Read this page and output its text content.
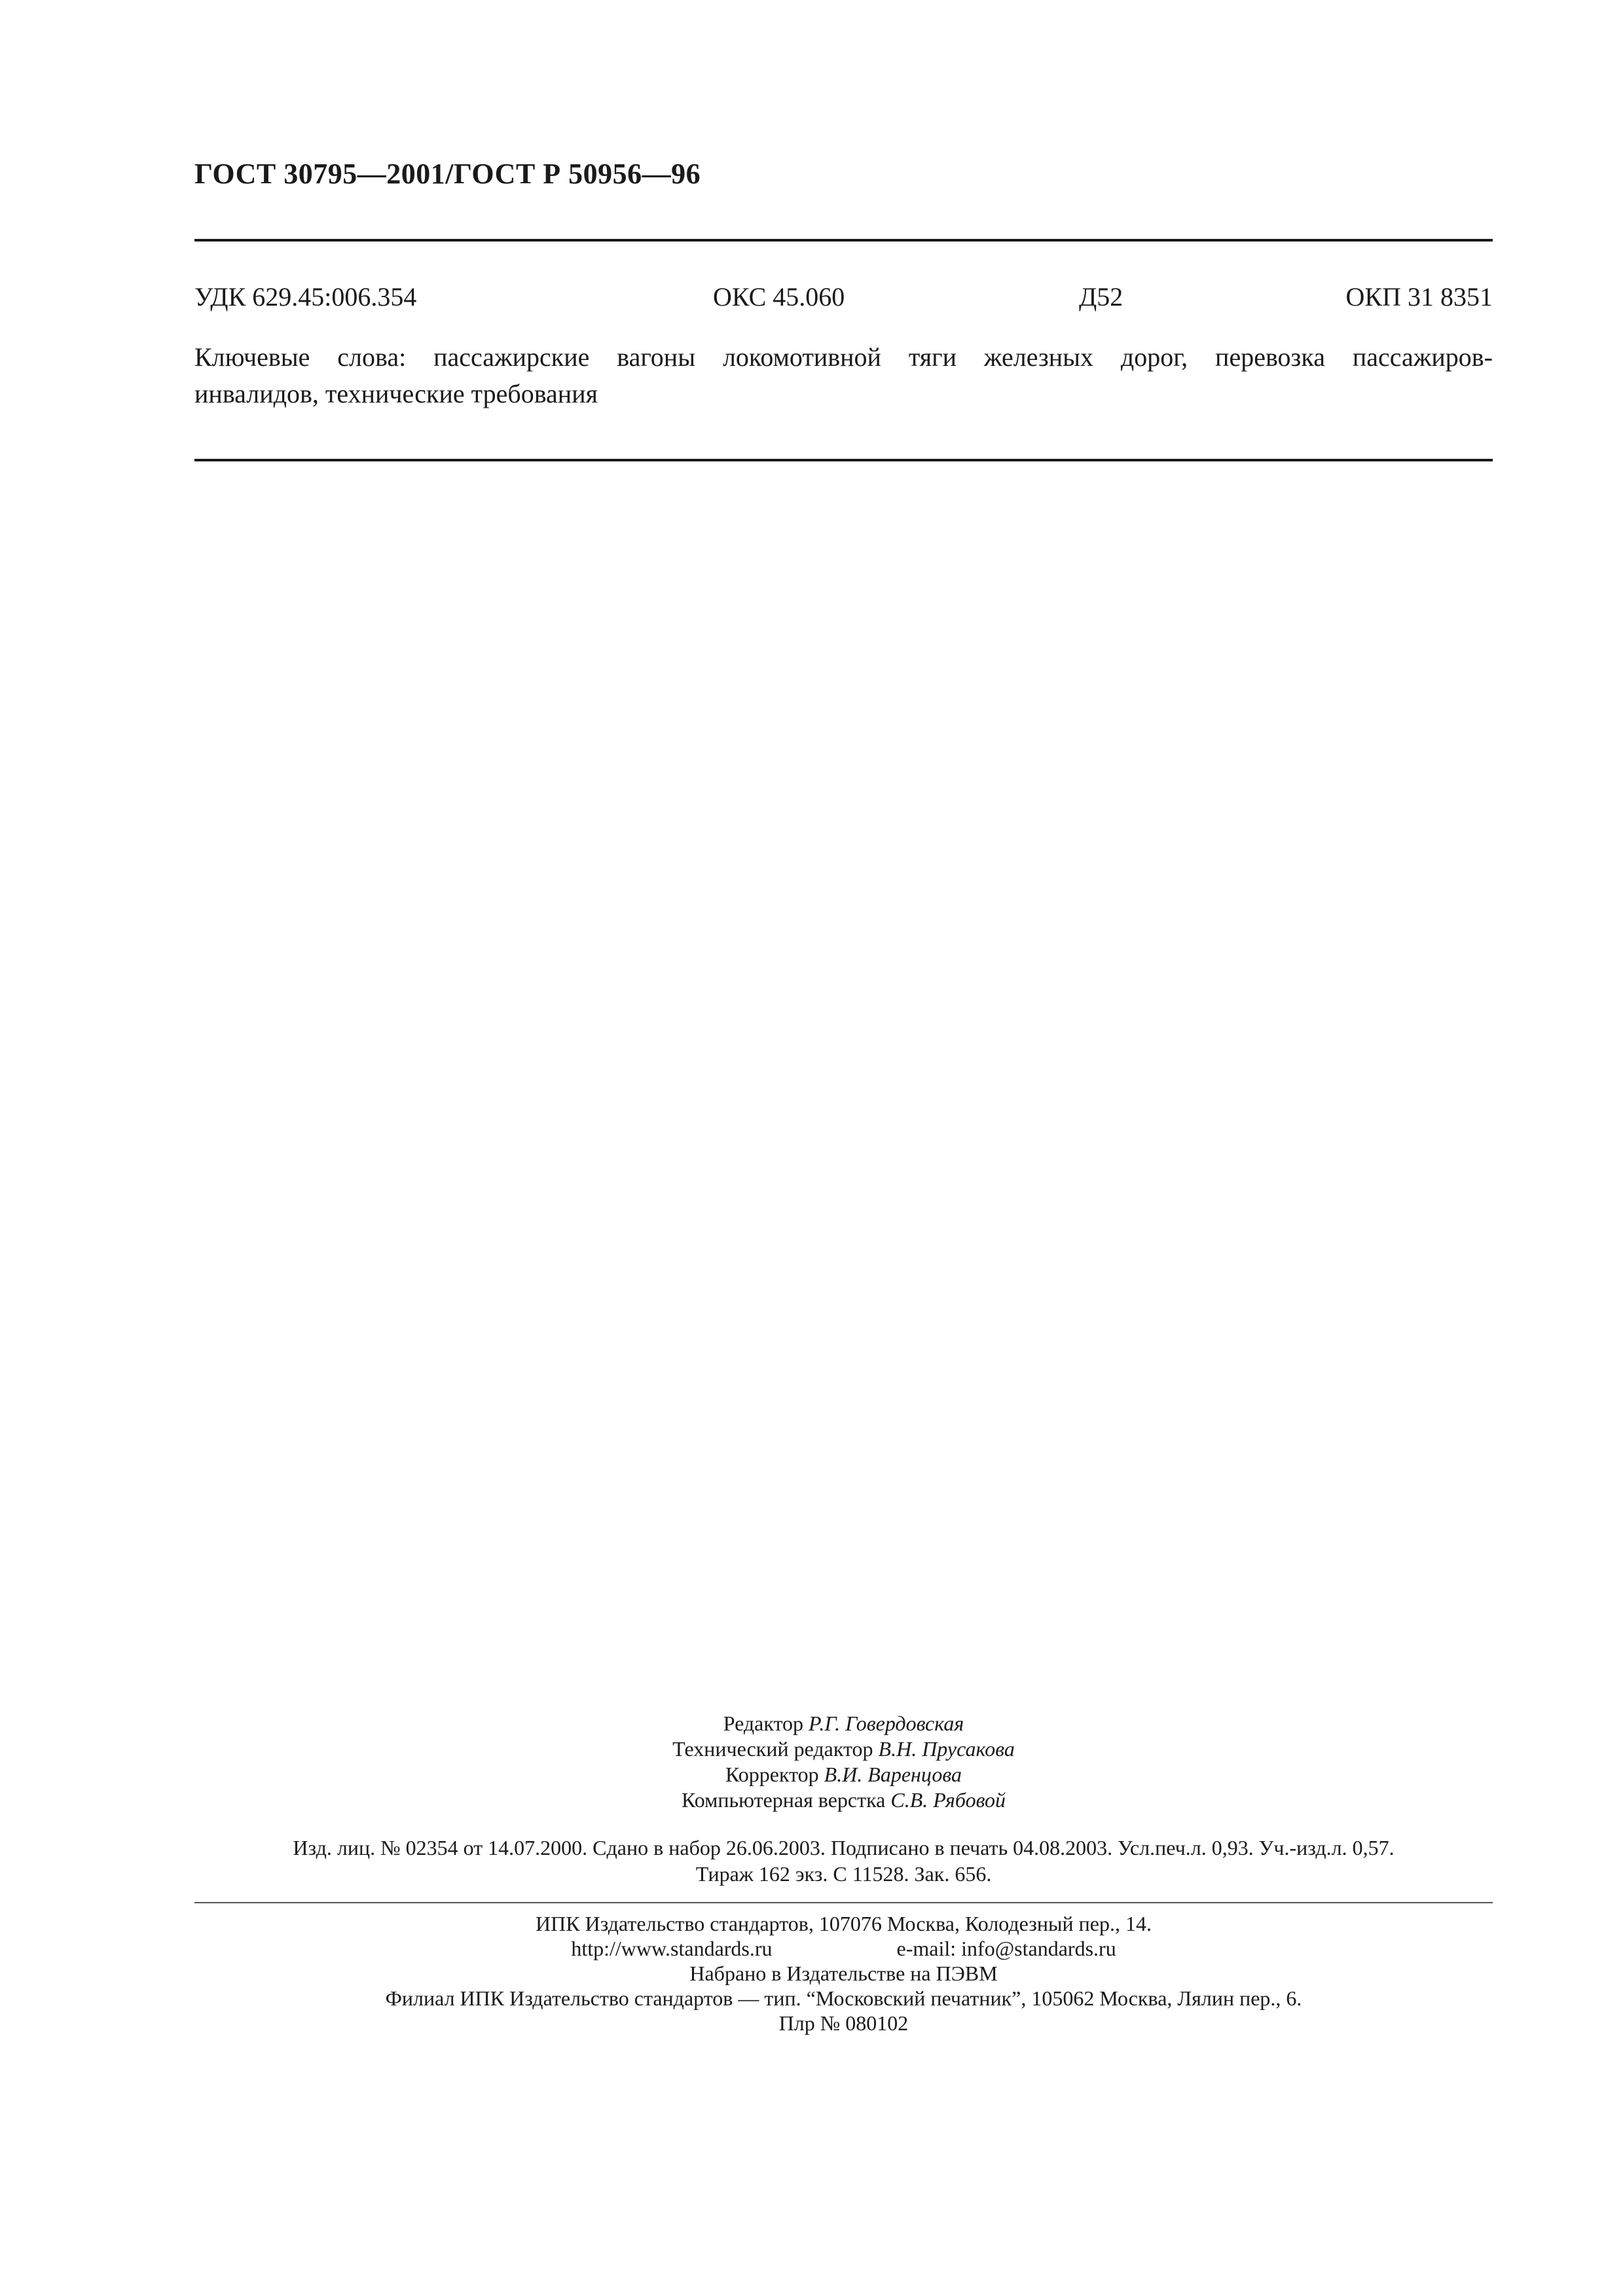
ГОСТ 30795—2001/ГОСТ Р 50956—96
УДК 629.45:006.354	ОКС 45.060	Д52	ОКП 31 8351
Ключевые слова: пассажирские вагоны локомотивной тяги железных дорог, перевозка пассажиров-
инвалидов, технические требования
Редактор Р.Г. Говердовская
Технический редактор В.Н. Прусакова
Корректор В.И. Варенцова
Компьютерная верстка С.В. Рябовой
Изд. лиц. № 02354 от 14.07.2000. Сдано в набор 26.06.2003. Подписано в печать 04.08.2003. Усл.печ.л. 0,93. Уч.-изд.л. 0,57.
Тираж 162 экз. С 11528. Зак. 656.
ИПК Издательство стандартов, 107076 Москва, Колодезный пер., 14.
http://www.standards.ru	e-mail: info@standards.ru
Набрано в Издательстве на ПЭВМ
Филиал ИПК Издательство стандартов — тип. “Московский печатник”, 105062 Москва, Лялин пер., 6.
Плр № 080102
